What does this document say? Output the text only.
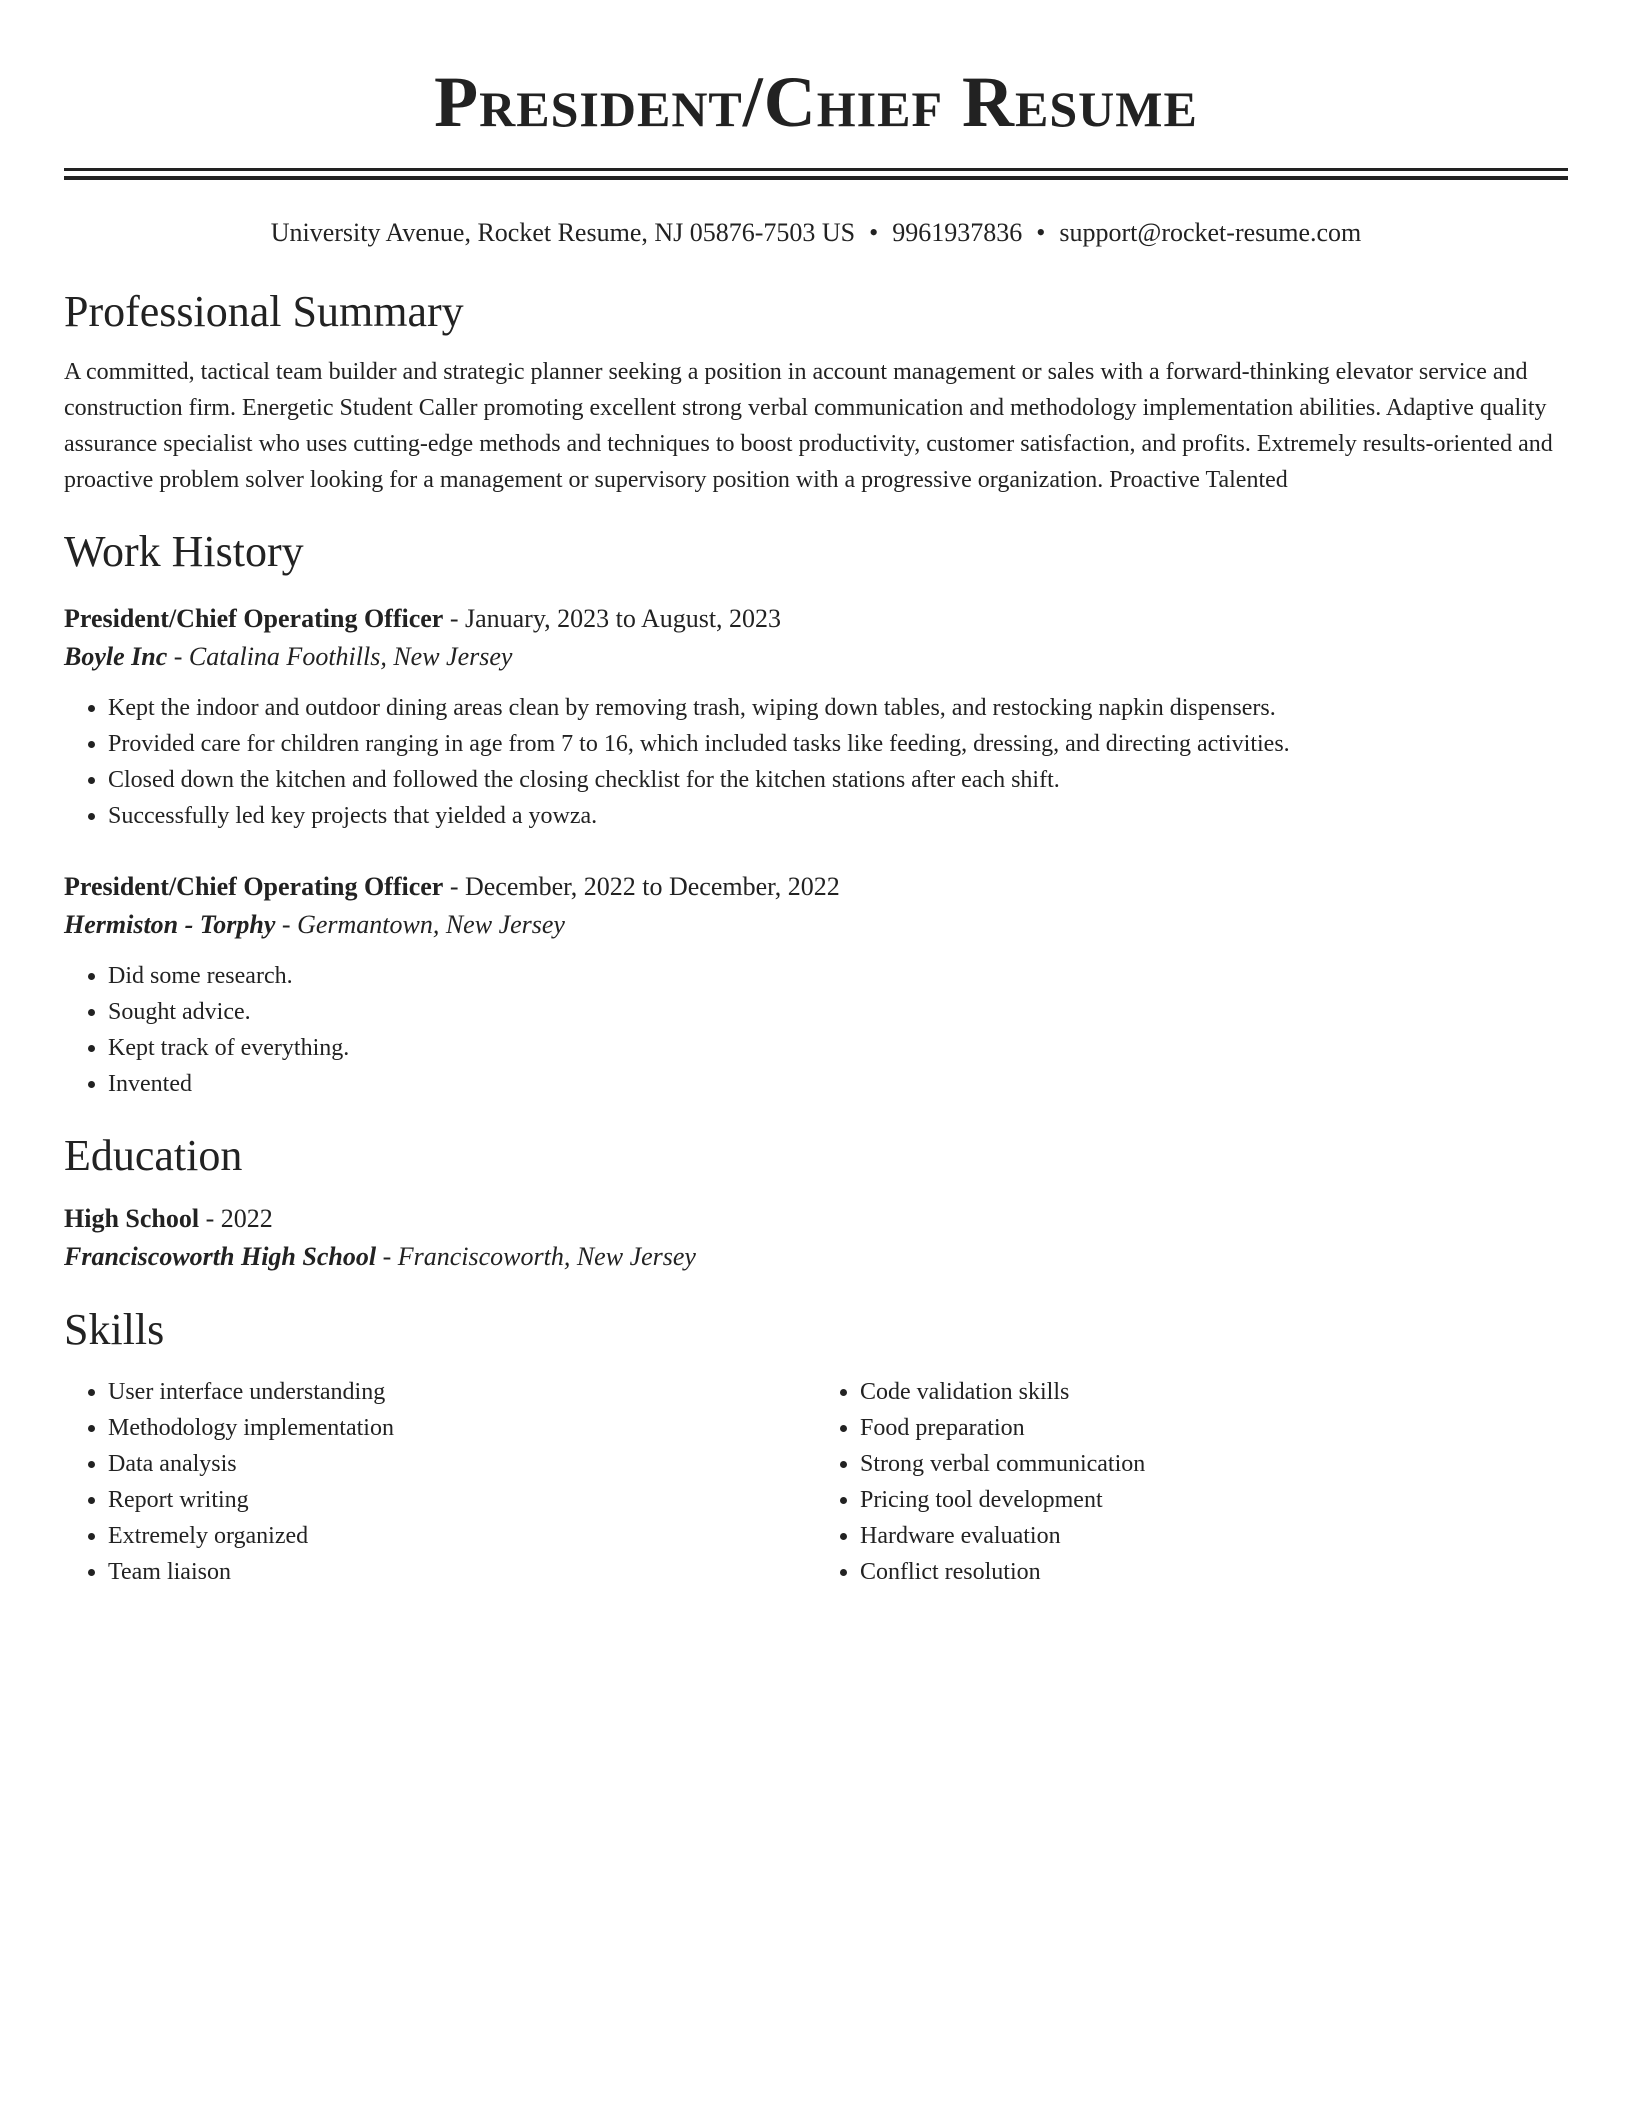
President/Chief Resume
University Avenue, Rocket Resume, NJ 05876-7503 US • 9961937836 • support@rocket-resume.com
Professional Summary

A committed, tactical team builder and strategic planner seeking a position in account management or sales with a forward-thinking elevator service and construction firm. Energetic Student Caller promoting excellent strong verbal communication and methodology implementation abilities. Adaptive quality assurance specialist who uses cutting-edge methods and techniques to boost productivity, customer satisfaction, and profits. Extremely results-oriented and proactive problem solver looking for a management or supervisory position with a progressive organization. Proactive Talented

Work History
President/Chief Operating Officer - January, 2023 to August, 2023
Boyle Inc - Catalina Foothills, New Jersey
• Kept the indoor and outdoor dining areas clean by removing trash, wiping down tables, and restocking napkin dispensers.
• Provided care for children ranging in age from 7 to 16, which included tasks like feeding, dressing, and directing activities.
• Closed down the kitchen and followed the closing checklist for the kitchen stations after each shift.
• Successfully led key projects that yielded a yowza.
President/Chief Operating Officer - December, 2022 to December, 2022
Hermiston - Torphy - Germantown, New Jersey
• Did some research.
• Sought advice.
• Kept track of everything.
• Invented
Education
High School - 2022
Franciscoworth High School - Franciscoworth, New Jersey
Skills
• User interface understanding
• Methodology implementation
• Data analysis
• Report writing
• Extremely organized
• Team liaison
• Code validation skills
• Food preparation
• Strong verbal communication
• Pricing tool development
• Hardware evaluation
• Conflict resolution
